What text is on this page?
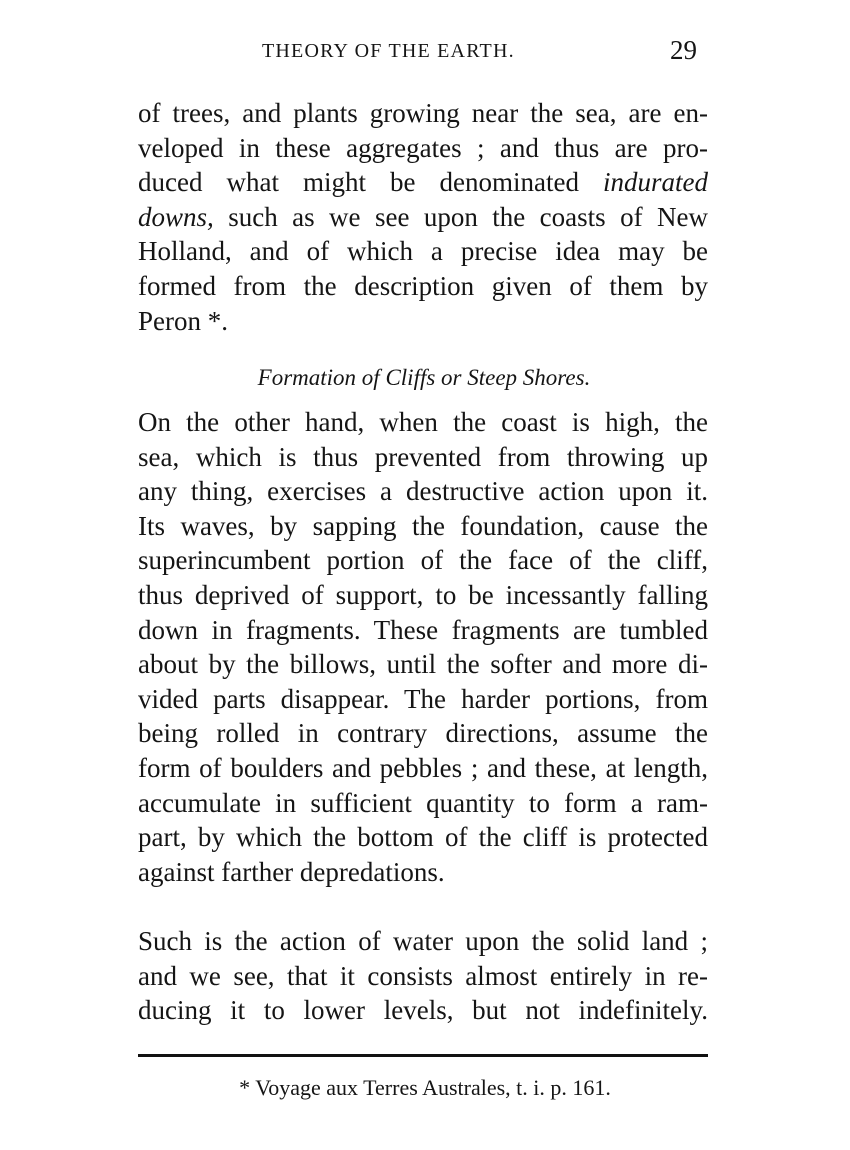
THEORY OF THE EARTH.	29
of trees, and plants growing near the sea, are en-
veloped in these aggregates ; and thus are pro-
duced what might be denominated indurated
downs, such as we see upon the coasts of New
Holland, and of which a precise idea may be
formed from the description given of them by
Peron *.
Formation of Cliffs or Steep Shores.
On the other hand, when the coast is high, the
sea, which is thus prevented from throwing up
any thing, exercises a destructive action upon it.
Its waves, by sapping the foundation, cause the
superincumbent portion of the face of the cliff,
thus deprived of support, to be incessantly falling
down in fragments. These fragments are tumbled
about by the billows, until the softer and more di-
vided parts disappear. The harder portions, from
being rolled in contrary directions, assume the
form of boulders and pebbles ; and these, at length,
accumulate in sufficient quantity to form a ram-
part, by which the bottom of the cliff is protected
against farther depredations.
Such is the action of water upon the solid land ;
and we see, that it consists almost entirely in re-
ducing it to lower levels, but not indefinitely.
* Voyage aux Terres Australes, t. i. p. 161.
